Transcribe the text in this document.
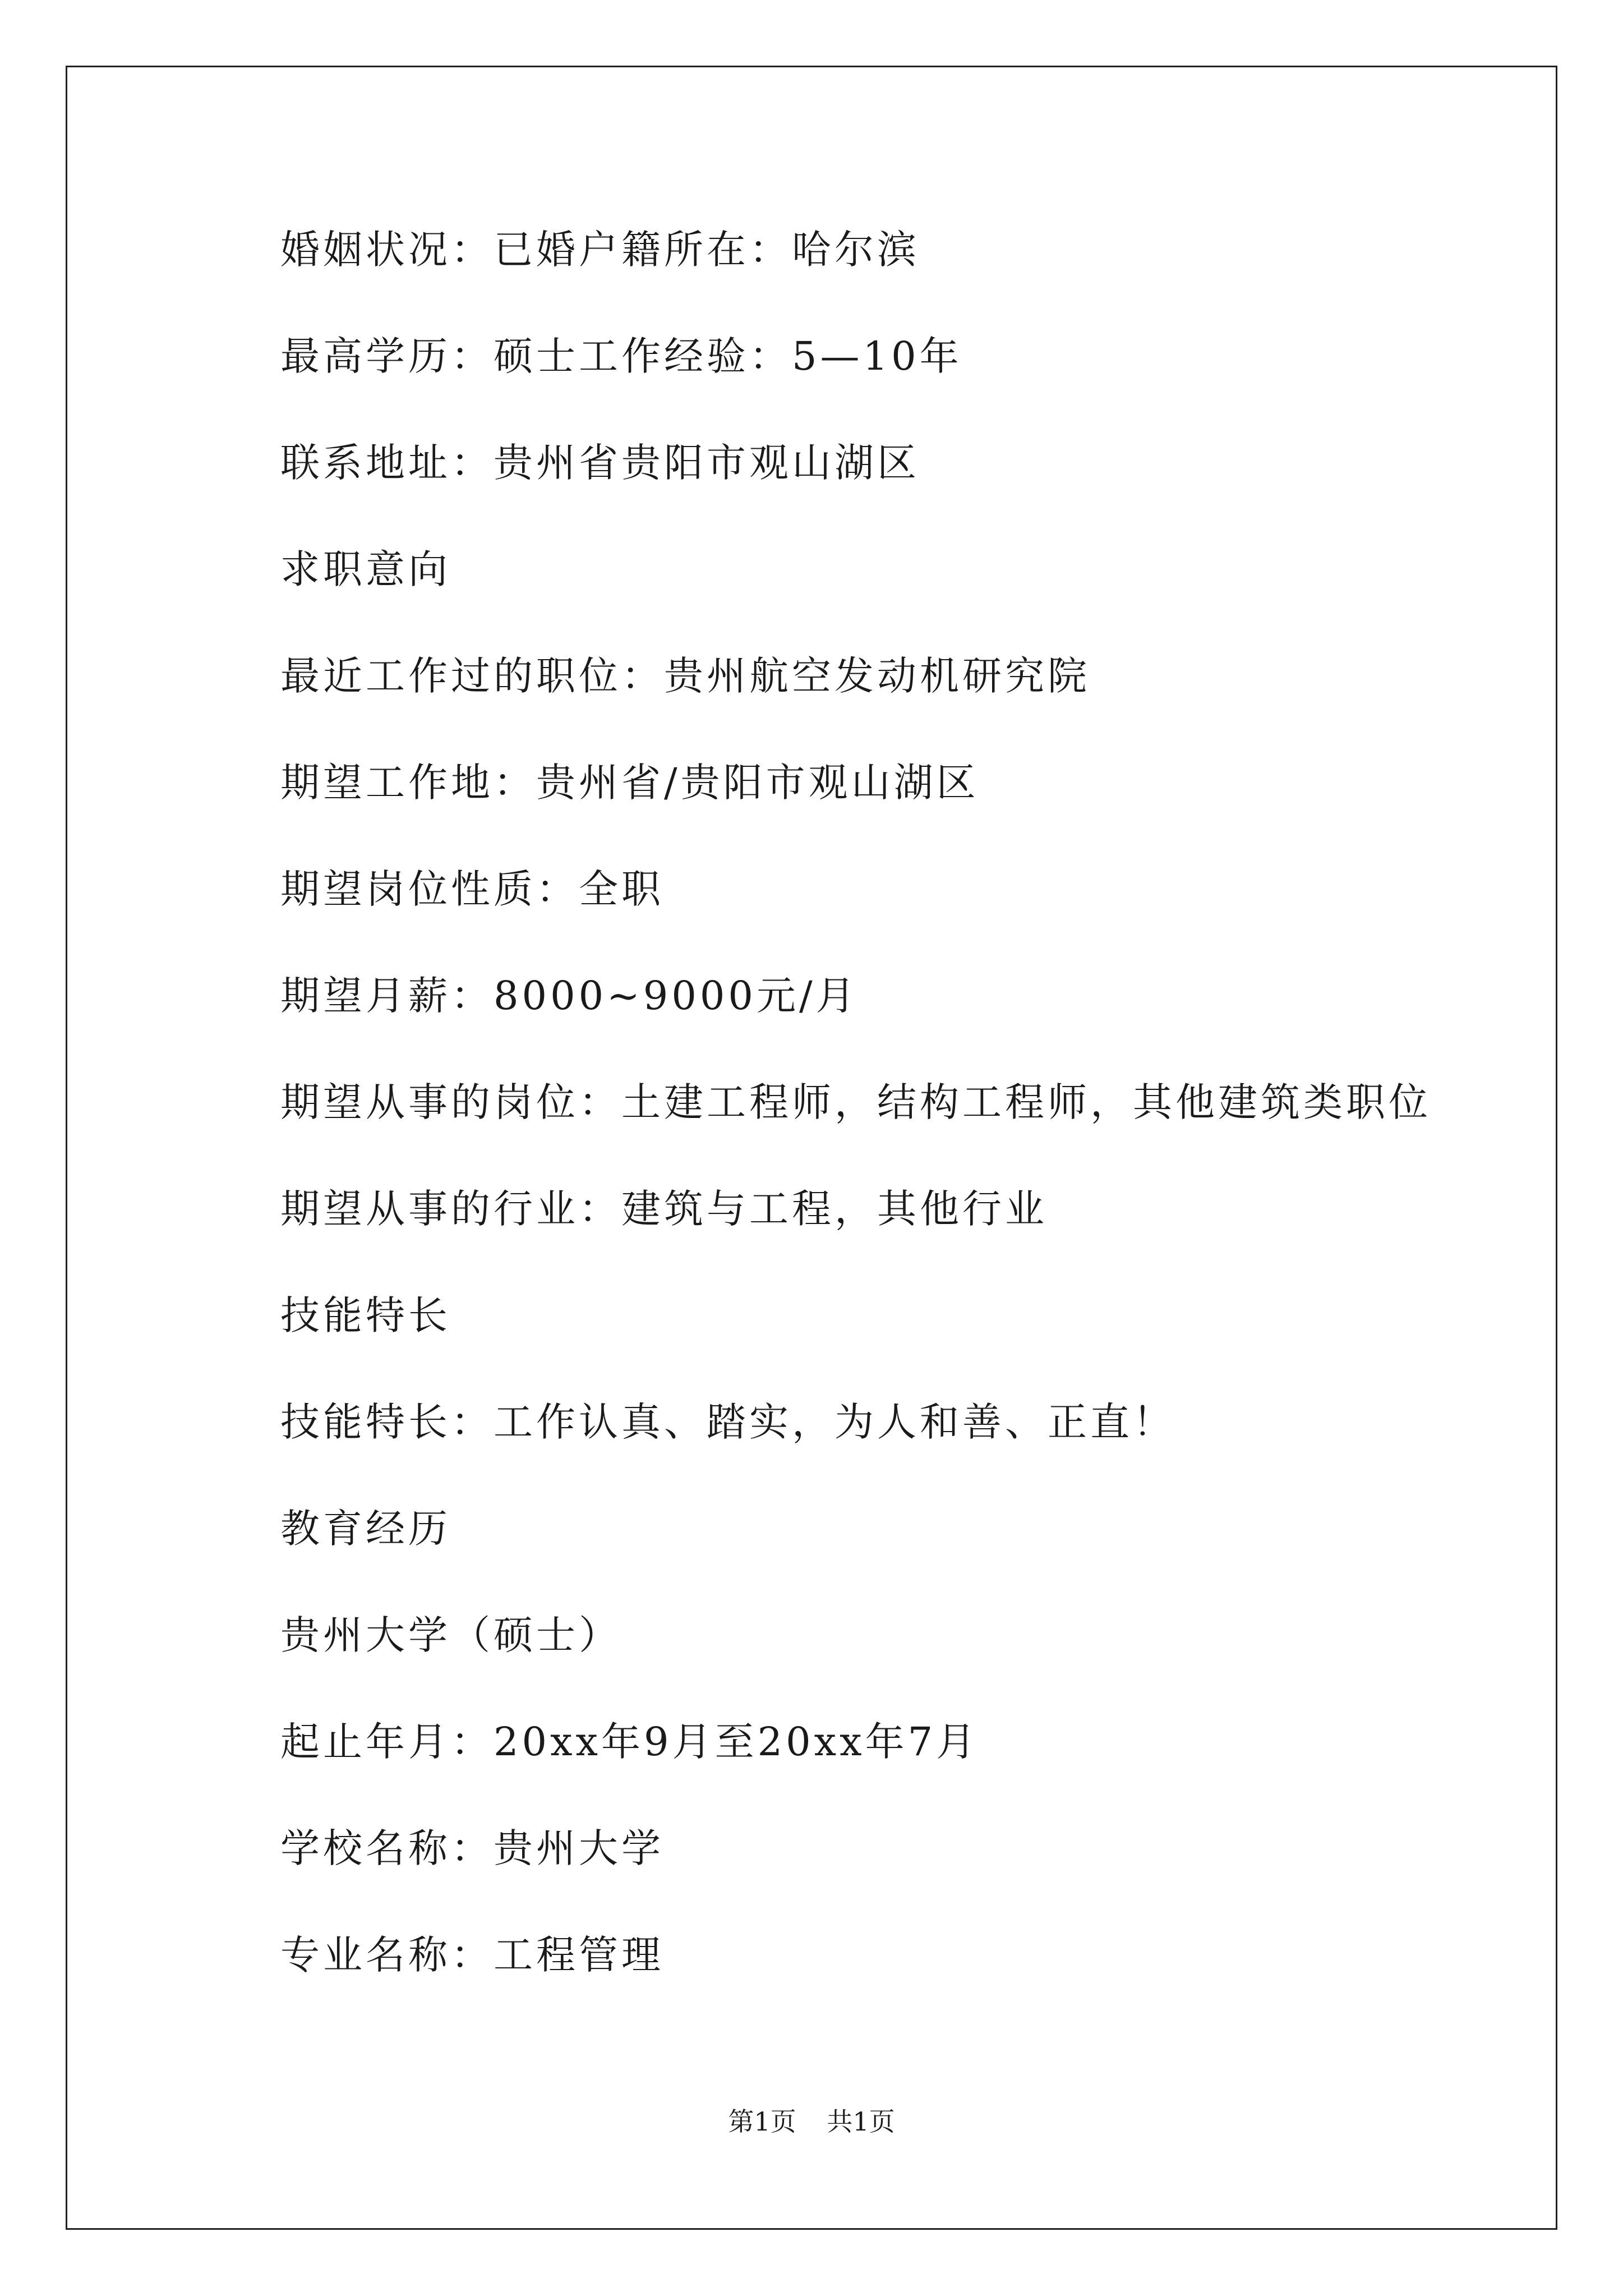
婚姻状况：已婚户籍所在：哈尔滨
最高学历：硕士工作经验：5—10年
联系地址：贵州省贵阳市观山湖区
求职意向
最近工作过的职位：贵州航空发动机研究院
期望工作地：贵州省/贵阳市观山湖区
期望岗位性质：全职
期望月薪：8000~9000元/月
期望从事的岗位：土建工程师，结构工程师，其他建筑类职位
期望从事的行业：建筑与工程，其他行业
技能特长
技能特长：工作认真、踏实，为人和善、正直！
教育经历
贵州大学（硕士）
起止年月：20xx年9月至20xx年7月
学校名称：贵州大学
专业名称：工程管理
第1页 共1页
